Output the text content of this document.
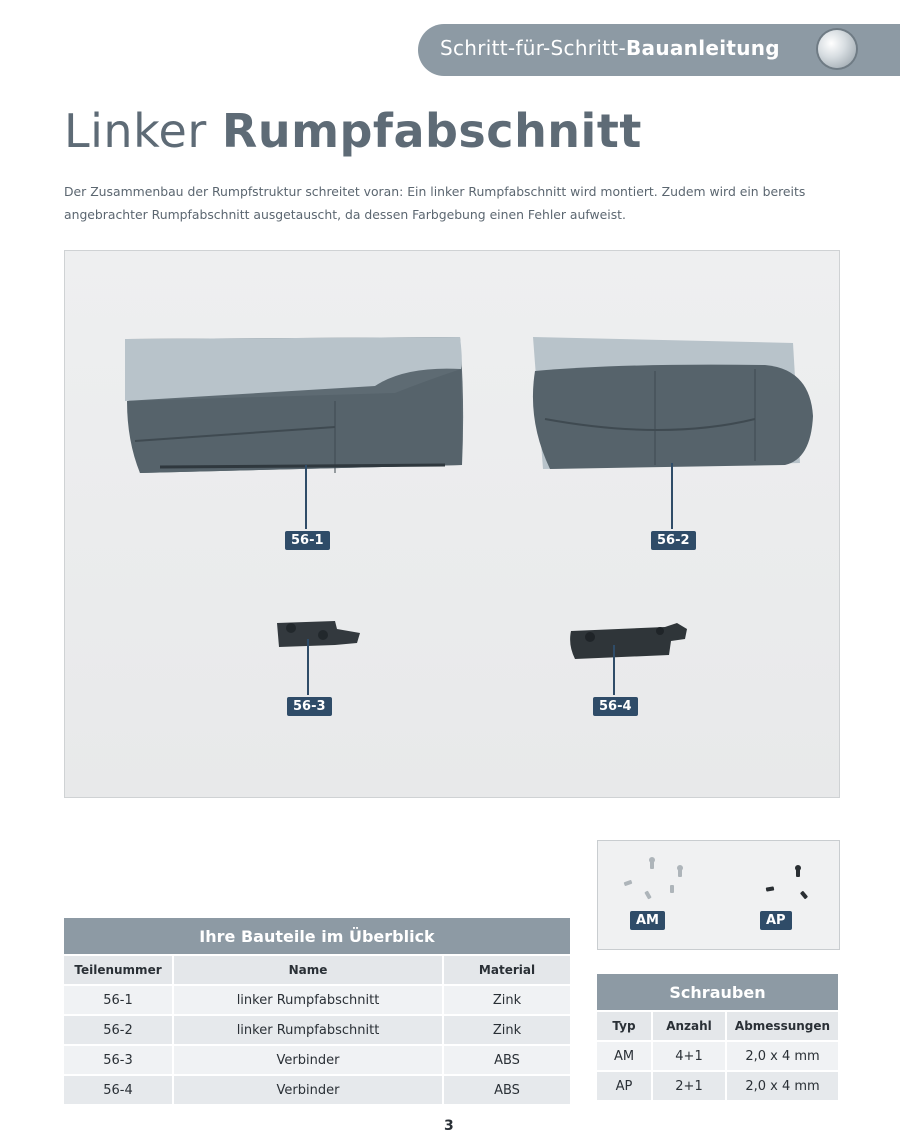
Schritt-für-Schritt-Bauanleitung
Linker Rumpfabschnitt
Der Zusammenbau der Rumpfstruktur schreitet voran: Ein linker Rumpfabschnitt wird montiert. Zudem wird ein bereits angebrachter Rumpfabschnitt ausgetauscht, da dessen Farbgebung einen Fehler aufweist.
56-1	56-2
56-3	56-4
AM	AP
Ihre Bauteile im Überblick		
Teilenummer	Name	Material
56-1	linker Rumpfabschnitt	Zink
56-2	linker Rumpfabschnitt	Zink
56-3	Verbinder	ABS
56-4	Verbinder	ABS
Schrauben		
Typ	Anzahl	Abmessungen
AM	4+1	2,0 x 4 mm
AP	2+1	2,0 x 4 mm
3
